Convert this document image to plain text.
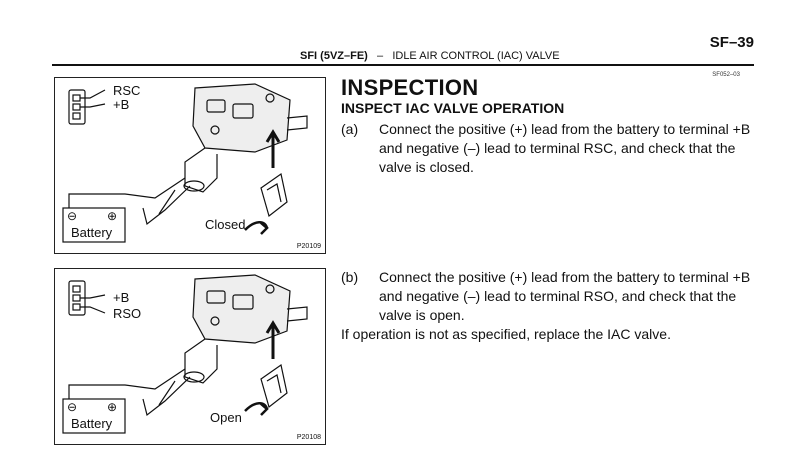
SF–39
SFI (5VZ–FE) – IDLE AIR CONTROL (IAC) VALVE
SF052–03
INSPECTION
INSPECT IAC VALVE OPERATION
(a) Connect the positive (+) lead from the battery to terminal +B and negative (–) lead to terminal RSC, and check that the valve is closed.
(b) Connect the positive (+) lead from the battery to terminal +B and negative (–) lead to terminal RSO, and check that the valve is open.
If operation is not as specified, replace the IAC valve.
RSC
+B
⊖ ⊕
Battery
Closed
P20109
+B
RSO
⊖ ⊕
Battery	Open
P20108
